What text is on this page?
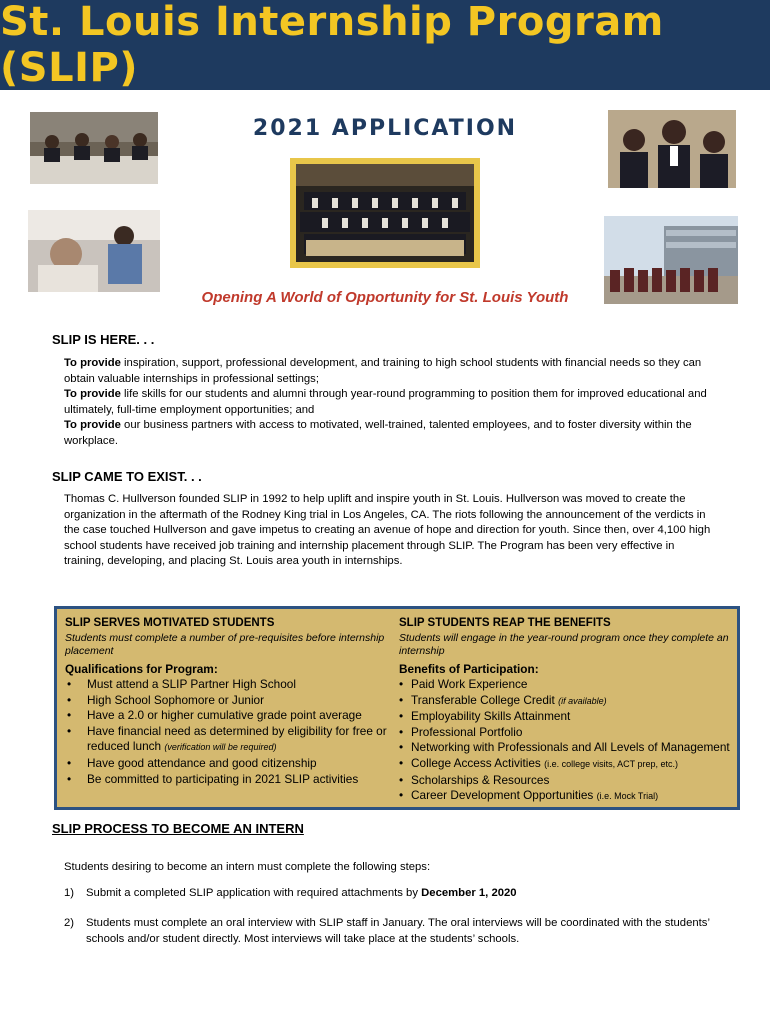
St. Louis Internship Program (SLIP)
2021 APPLICATION
Opening A World of Opportunity for St. Louis Youth
SLIP IS HERE. . .
To provide inspiration, support, professional development, and training to high school students with financial needs so they can obtain valuable internships in professional settings;
To provide life skills for our students and alumni through year-round programming to position them for improved educational and ultimately, full-time employment opportunities; and
To provide our business partners with access to motivated, well-trained, talented employees, and to foster diversity within the workplace.
SLIP CAME TO EXIST. . .
Thomas C. Hullverson founded SLIP in 1992 to help uplift and inspire youth in St. Louis. Hullverson was moved to create the organization in the aftermath of the Rodney King trial in Los Angeles, CA. The riots following the announcement of the verdicts in the case touched Hullverson and gave impetus to creating an avenue of hope and direction for youth. Since then, over 4,100 high school students have received job training and internship placement through SLIP. The Program has been very effective in training, developing, and placing St. Louis area youth in internships.
SLIP SERVES MOTIVATED STUDENTS
Students must complete a number of pre-requisites before internship placement
Qualifications for Program:
• Must attend a SLIP Partner High School
• High School Sophomore or Junior
• Have a 2.0 or higher cumulative grade point average
• Have financial need as determined by eligibility for free or reduced lunch (verification will be required)
• Have good attendance and good citizenship
• Be committed to participating in 2021 SLIP activities
SLIP STUDENTS REAP THE BENEFITS
Students will engage in the year-round program once they complete an internship
Benefits of Participation:
• Paid Work Experience
• Transferable College Credit (if available)
• Employability Skills Attainment
• Professional Portfolio
• Networking with Professionals and All Levels of Management
• College Access Activities (i.e. college visits, ACT prep, etc.)
• Scholarships & Resources
• Career Development Opportunities (i.e. Mock Trial)
SLIP PROCESS TO BECOME AN INTERN
Students desiring to become an intern must complete the following steps:
1) Submit a completed SLIP application with required attachments by December 1, 2020
2) Students must complete an oral interview with SLIP staff in January. The oral interviews will be coordinated with the students’ schools and/or student directly. Most interviews will take place at the students’ schools.
